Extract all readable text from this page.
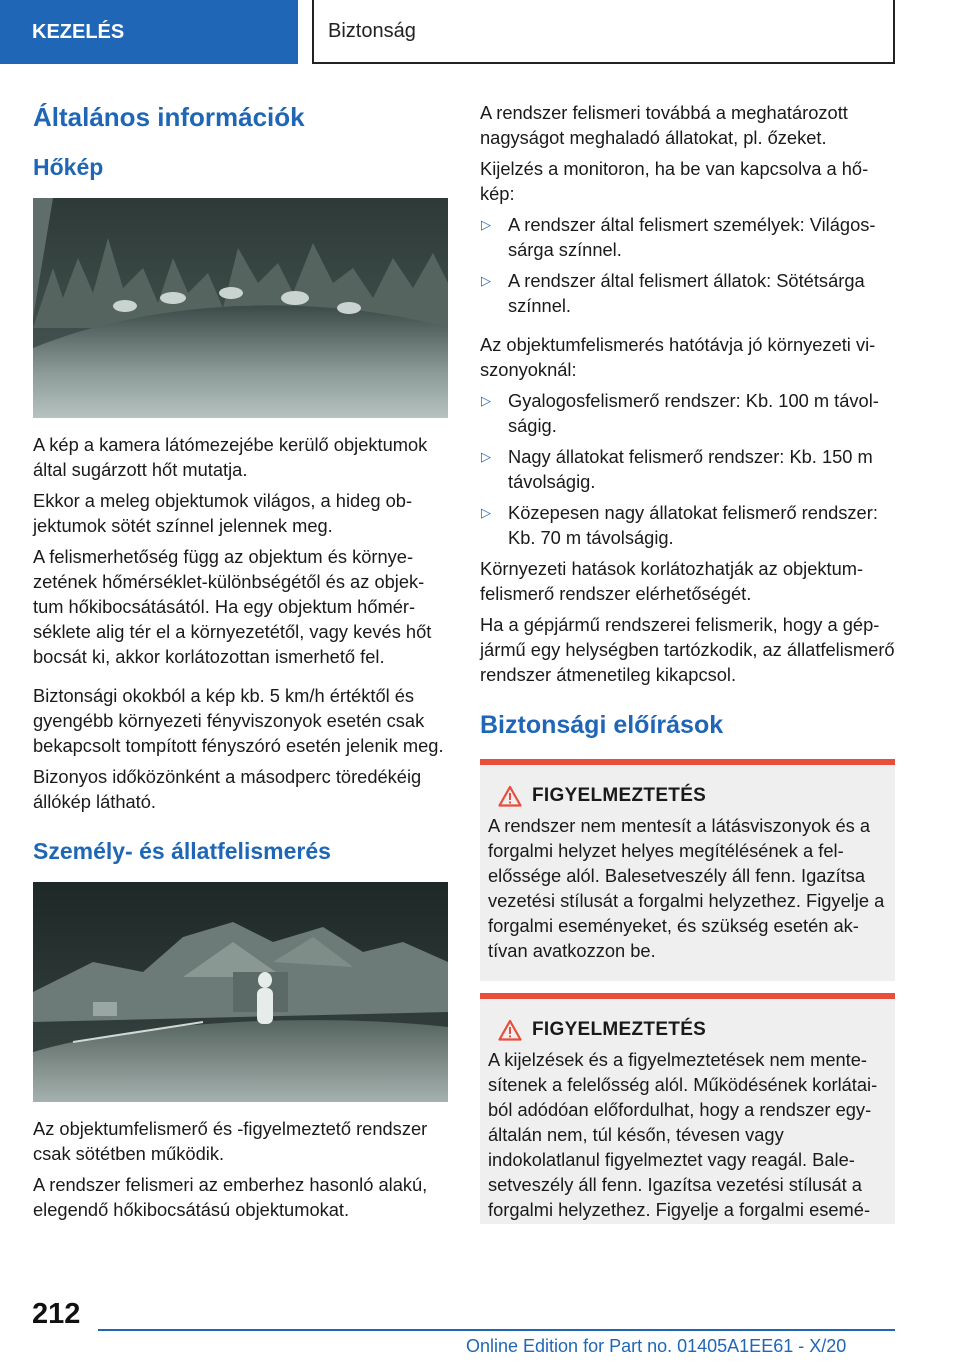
KEZELÉS	Biztonság
Általános információk
Hőkép

A kép a kamera látómezejébe kerülő objektumok által sugárzott hőt mutatja.

Ekkor a meleg objektumok világos, a hideg objektumok sötét színnel jelennek meg.

A felismerhetőség függ az objektum és környezetének hőmérséklet-különbségétől és az objektum hőkibocsátásától. Ha egy objektum hőmérséklete alig tér el a környezetétől, vagy kevés hőt bocsát ki, akkor korlátozottan ismerhető fel.

Biztonsági okokból a kép kb. 5 km/h értéktől és gyengébb környezeti fényviszonyok esetén csak bekapcsolt tompított fényszóró esetén jelenik meg.

Bizonyos időközönként a másodperc töredékéig állókép látható.

Személy- és állatfelismerés

Az objektumfelismerő és -figyelmeztető rendszer csak sötétben működik.

A rendszer felismeri az emberhez hasonló alakú, elegendő hőkibocsátású objektumokat.

A rendszer felismeri továbbá a meghatározott nagyságot meghaladó állatokat, pl. őzeket.

Kijelzés a monitoron, ha be van kapcsolva a hőkép:

▷ A rendszer által felismert személyek: Világossárga színnel.
▷ A rendszer által felismert állatok: Sötétsárga színnel.

Az objektumfelismerés hatótávja jó környezeti viszonyoknál:

▷ Gyalogosfelismerő rendszer: Kb. 100 m távolságig.
▷ Nagy állatokat felismerő rendszer: Kb. 150 m távolságig.
▷ Közepesen nagy állatokat felismerő rendszer: Kb. 70 m távolságig.

Környezeti hatások korlátozhatják az objektumfelismerő rendszer elérhetőségét.

Ha a gépjármű rendszerei felismerik, hogy a gépjármű egy helységben tartózkodik, az állatfelismerő rendszer átmenetileg kikapcsol.

Biztonsági előírások
FIGYELMEZTETÉS

A rendszer nem mentesít a látásviszonyok és a forgalmi helyzet helyes megítélésének a felelőssége alól. Balesetveszély áll fenn. Igazítsa vezetési stílusát a forgalmi helyzethez. Figyelje a forgalmi eseményeket, és szükség esetén aktívan avatkozzon be.

FIGYELMEZTETÉS

A kijelzések és a figyelmeztetések nem mentesítenek a felelősség alól. Működésének korlátaiból adódóan előfordulhat, hogy a rendszer egyáltalán nem, túl későn, tévesen vagy indokolatlanul figyelmeztet vagy reagál. Balesetveszély áll fenn. Igazítsa vezetési stílusát a forgalmi helyzethez. Figyelje a forgalmi esemé-

212
Online Edition for Part no. 01405A1EE61 - X/20
